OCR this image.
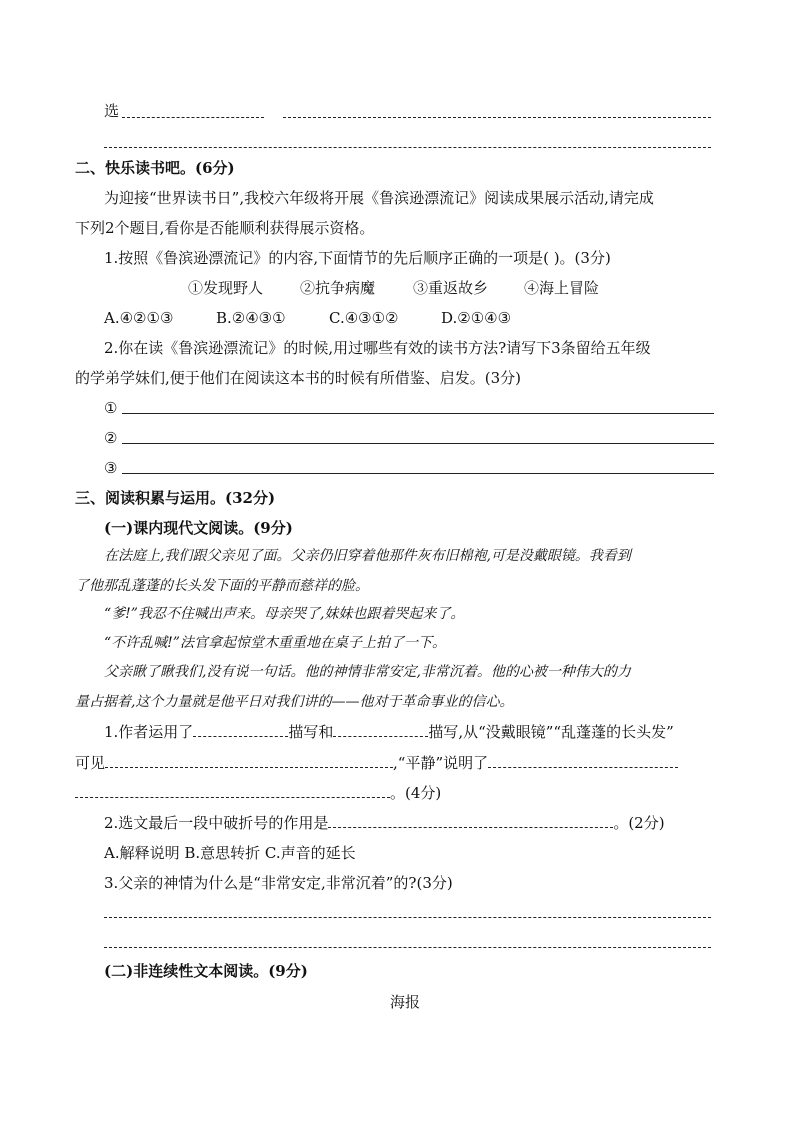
选
二、快乐读书吧。(6分)
为迎接“世界读书日”,我校六年级将开展《鲁滨逊漂流记》阅读成果展示活动,请完成
下列2个题目,看你是否能顺利获得展示资格。
1.按照《鲁滨逊漂流记》的内容,下面情节的先后顺序正确的一项是( )。(3分)
①发现野人 ②抗争病魔	③重返故乡 ④海上冒险
A.④②①③	B.②④③①	C.④③①②	D.②①④③
2.你在读《鲁滨逊漂流记》的时候,用过哪些有效的读书方法?请写下3条留给五年级
的学弟学妹们,便于他们在阅读这本书的时候有所借鉴、启发。(3分)
①
②
③
三、阅读积累与运用。(32分)
(一)课内现代文阅读。(9分)
在法庭上,我们跟父亲见了面。父亲仍旧穿着他那件灰布旧棉袍,可是没戴眼镜。我看到
了他那乱蓬蓬的长头发下面的平静而慈祥的脸。
“爹!”我忍不住喊出声来。母亲哭了,妹妹也跟着哭起来了。
“不许乱喊!”法官拿起惊堂木重重地在桌子上拍了一下。
父亲瞅了瞅我们,没有说一句话。他的神情非常安定,非常沉着。他的心被一种伟大的力
量占据着,这个力量就是他平日对我们讲的——他对于革命事业的信心。
1.作者运用了	描写和	描写,从“没戴眼镜”“乱蓬蓬的长头发”
可见	,“平静”说明了
。(4分)
2.选文最后一段中破折号的作用是	。(2分)
A.解释说明 B.意思转折 C.声音的延长
3.父亲的神情为什么是“非常安定,非常沉着”的?(3分)
(二)非连续性文本阅读。(9分)
海报
